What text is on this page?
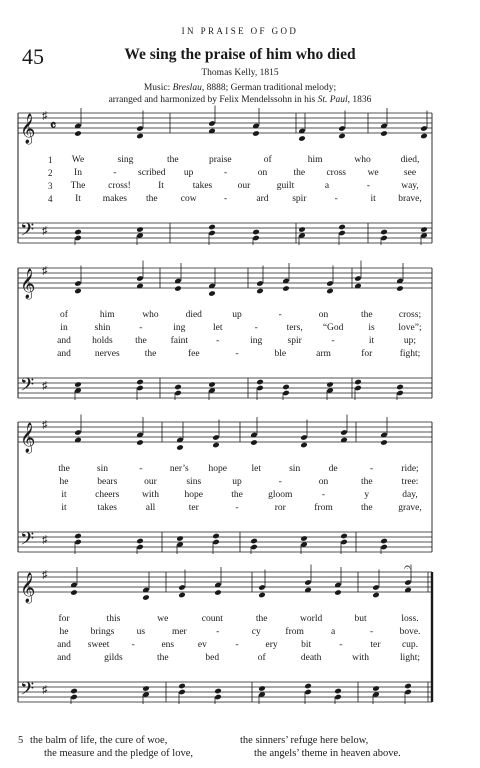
IN PRAISE OF GOD
45	We sing the praise of him who died
Thomas Kelly, 1815
Music: Breslau, 8888; German traditional melody;
arranged and harmonized by Felix Mendelssohn in his St. Paul, 1836
𝄞
𝄢
♯
♯
𝄴
We	sing	the	praise	of	him	who	died,
1
In	- scribed up	-	on	the cross we	see
2
The cross!	It	takes	our	guilt	a	-	way,
3
It makes the cow	-	ard spir	-	it brave,
4
𝄞
𝄢
♯
♯
of	him	who	died	up	-	on	the	cross;
in	shin	-	ing	let	-	ters, “God	is love”;
and holds the	faint	-	ing	spir	-	it	up;
and	nerves	the	fee	-	ble	arm	for	fight;
𝄞
𝄢
♯
♯
the	sin	-	ner’s hope	let	sin	de	-	ride;
he	bears	our	sins	up	-	on	the	tree:
it	cheers with	hope	the	gloom	-	y	day,
it	takes	all	ter	-	ror	from	the	grave,
𝄞
𝄢
♯
♯
𝄐
for	this	we	count	the	world	but	loss.
he brings us	mer	-	cy	from	a	-	bove.
and sweet -	ens	ev	-	ery bit	-	ter cup.
and	gilds	the	bed	of	death	with	light;
5 the balm of life, the cure of woe,
the measure and the pledge of love,
the sinners’ refuge here below,
the angels’ theme in heaven above.
